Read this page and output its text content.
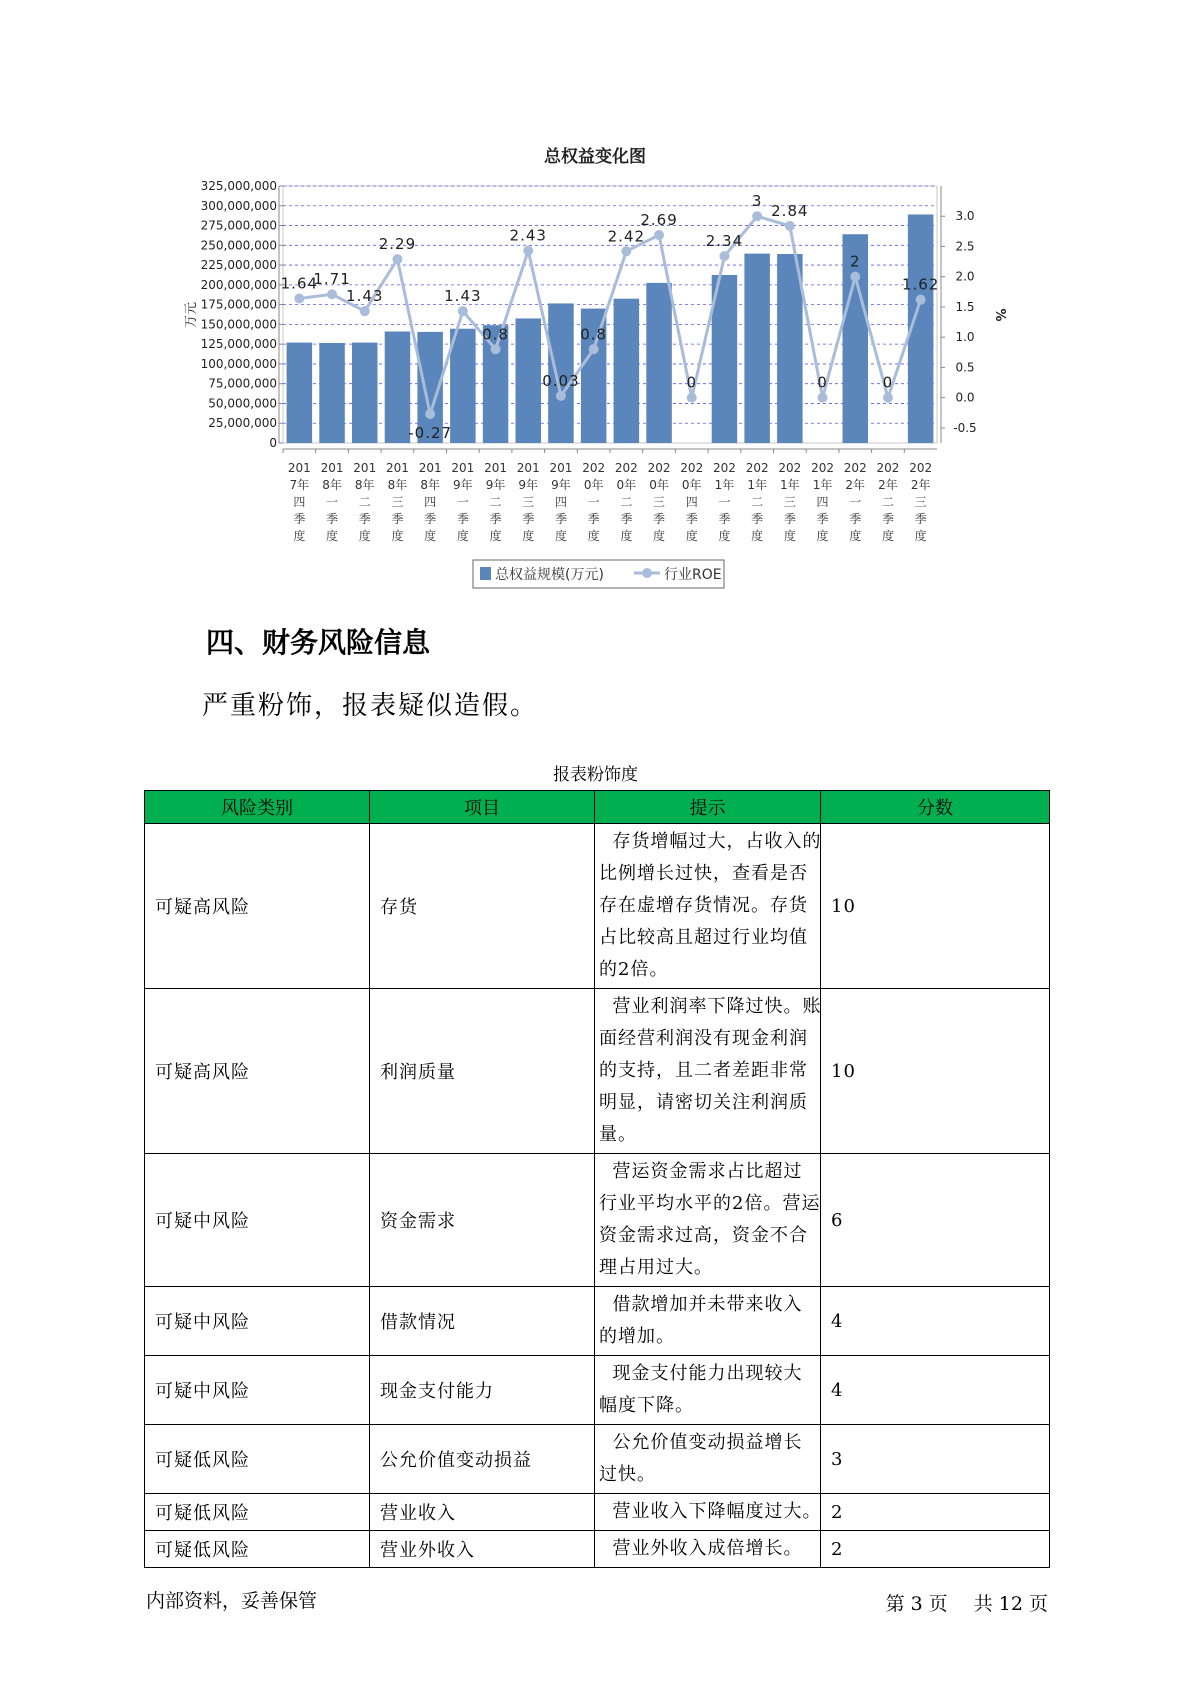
总权益变化图
0
25,000,000
50,000,000
75,000,000
100,000,000
125,000,000
150,000,000
175,000,000
200,000,000
225,000,000
250,000,000
275,000,000
300,000,000
325,000,000
-0.5
0.0
0.5
1.0
1.5
2.0
2.5
3.0
万元	%
201
7年
四
季
度
201
8年
一
季
度
201
8年
二
季
度
201
8年
三
季
度
201
8年
四
季
度
201
9年
一
季
度
201
9年
二
季
度
201
9年
三
季
度
201
9年
四
季
度
202
0年
一
季
度
202
0年
二
季
度
202
0年
三
季
度
202
0年
四
季
度
202
1年
一
季
度
202
1年
二
季
度
202
1年
三
季
度
202
1年
四
季
度
202
2年
一
季
度
202
2年
二
季
度
202
2年
三
季
度
1.64
1.71
1.43
2.29
-0.27
1.43
0.8
2.43
0.03
0.8
2.42
2.69
0
2.34
3
2.84
0
2
0
1.62
总权益规模(万元)	行业ROE
四、财务风险信息

严重粉饰，报表疑似造假。

报表粉饰度
风险类别	项目	提示	分数
可疑高风险	存货	存货增幅过大，占收入的
比例增长过快，查看是否
存在虚增存货情况。存货
占比较高且超过行业均值
的2倍。	10
可疑高风险	利润质量	营业利润率下降过快。账
面经营利润没有现金利润
的支持，且二者差距非常
明显，请密切关注利润质
量。	10
可疑中风险	资金需求	营运资金需求占比超过
行业平均水平的2倍。营运
资金需求过高，资金不合
理占用过大。	6
可疑中风险	借款情况	借款增加并未带来收入
的增加。	4
可疑中风险	现金支付能力	现金支付能力出现较大
幅度下降。	4
可疑低风险	公允价值变动损益	公允价值变动损益增长
过快。	3
可疑低风险	营业收入	营业收入下降幅度过大。	2
可疑低风险	营业外收入	营业外收入成倍增长。	2
内部资料，妥善保管	第 3 页 共 12 页
